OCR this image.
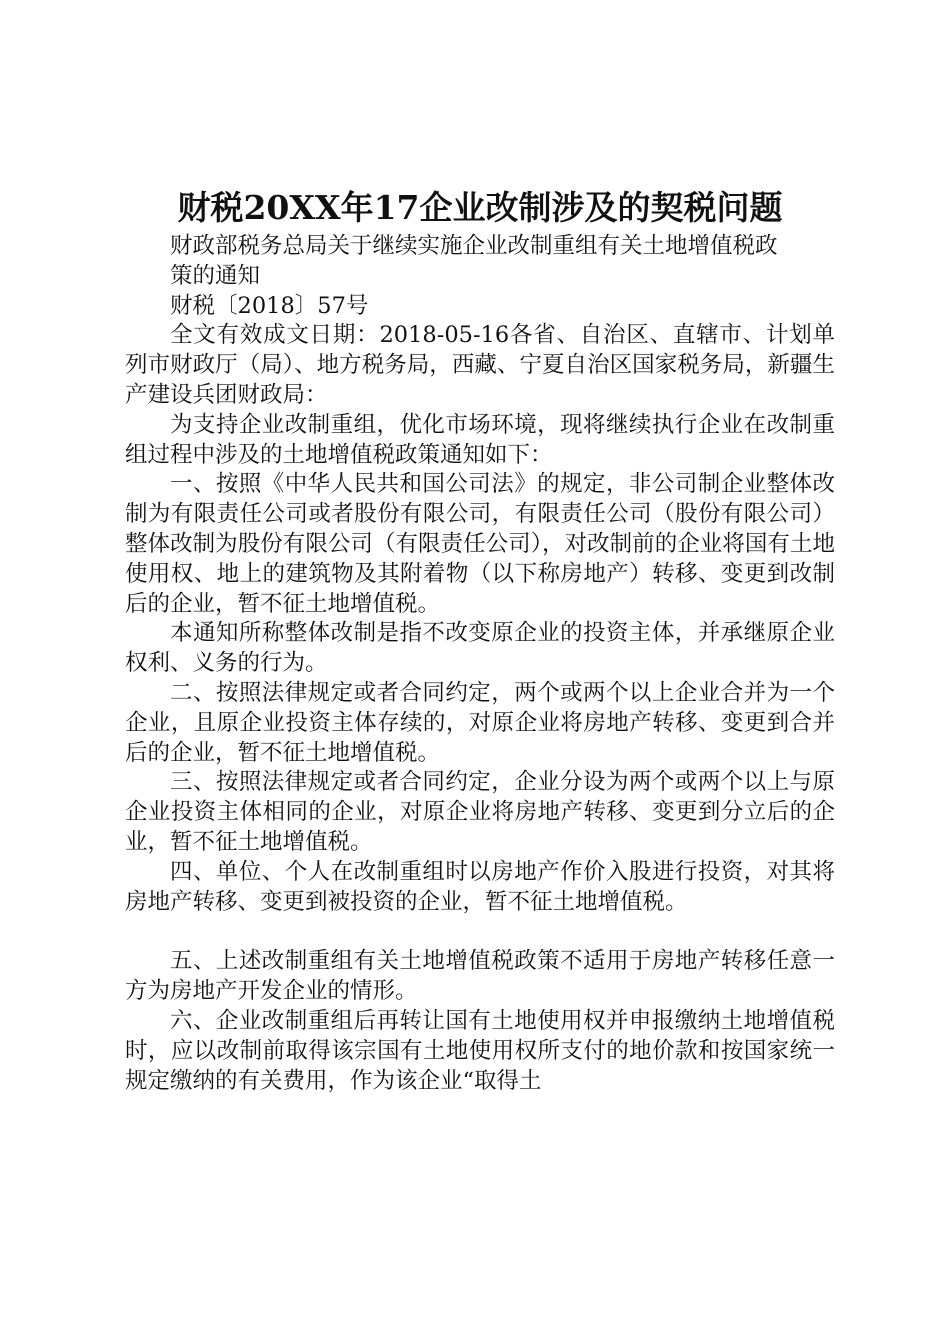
财税20XX年17企业改制涉及的契税问题

财政部税务总局关于继续实施企业改制重组有关土地增值税政

策的通知

财税〔2018〕57号

全文有效成文日期：2018-05-16各省、自治区、直辖市、计划单列市财政厅（局）、地方税务局，西藏、宁夏自治区国家税务局，新疆生产建设兵团财政局：

为支持企业改制重组，优化市场环境，现将继续执行企业在改制重组过程中涉及的土地增值税政策通知如下：

一、按照《中华人民共和国公司法》的规定，非公司制企业整体改制为有限责任公司或者股份有限公司，有限责任公司（股份有限公司）整体改制为股份有限公司（有限责任公司），对改制前的企业将国有土地使用权、地上的建筑物及其附着物（以下称房地产）转移、变更到改制后的企业，暂不征土地增值税。

本通知所称整体改制是指不改变原企业的投资主体，并承继原企业权利、义务的行为。

二、按照法律规定或者合同约定，两个或两个以上企业合并为一个企业，且原企业投资主体存续的，对原企业将房地产转移、变更到合并后的企业，暂不征土地增值税。

三、按照法律规定或者合同约定，企业分设为两个或两个以上与原企业投资主体相同的企业，对原企业将房地产转移、变更到分立后的企业，暂不征土地增值税。

四、单位、个人在改制重组时以房地产作价入股进行投资，对其将房地产转移、变更到被投资的企业，暂不征土地增值税。

五、上述改制重组有关土地增值税政策不适用于房地产转移任意一方为房地产开发企业的情形。

六、企业改制重组后再转让国有土地使用权并申报缴纳土地增值税时，应以改制前取得该宗国有土地使用权所支付的地价款和按国家统一规定缴纳的有关费用，作为该企业“取得土
